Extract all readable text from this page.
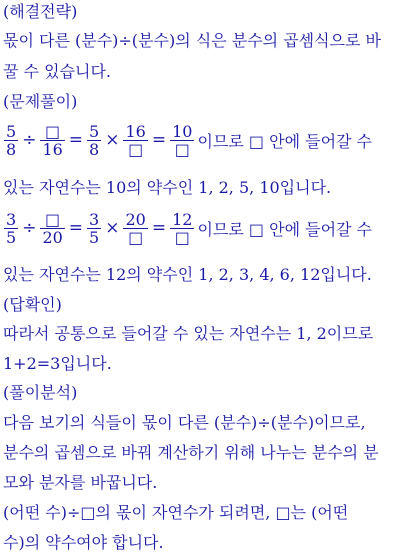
(해결전략)
몫이 다른 (분수)÷(분수)의 식은 분수의 곱셈식으로 바
꿀 수 있습니다.
(문제풀이)
$\frac{5}{8} \div \frac{□}{16} = \frac{5}{8} \times \frac{16}{□} = \frac{10}{□}$ 이므로 □ 안에 들어갈 수
있는 자연수는 10의 약수인 1, 2, 5, 10입니다.
$\frac{3}{5} \div \frac{□}{20} = \frac{3}{5} \times \frac{20}{□} = \frac{12}{□}$ 이므로 □ 안에 들어갈 수
있는 자연수는 12의 약수인 1, 2, 3, 4, 6, 12입니다.
(답확인)
따라서 공통으로 들어갈 수 있는 자연수는 1, 2이므로
1+2=3입니다.
(풀이분석)
다음 보기의 식들이 몫이 다른 (분수)÷(분수)이므로,
분수의 곱셈으로 바꿔 계산하기 위해 나누는 분수의 분
모와 분자를 바꿉니다.
(어떤 수)÷□의 몫이 자연수가 되려면, □는 (어떤
수)의 약수여야 합니다.
